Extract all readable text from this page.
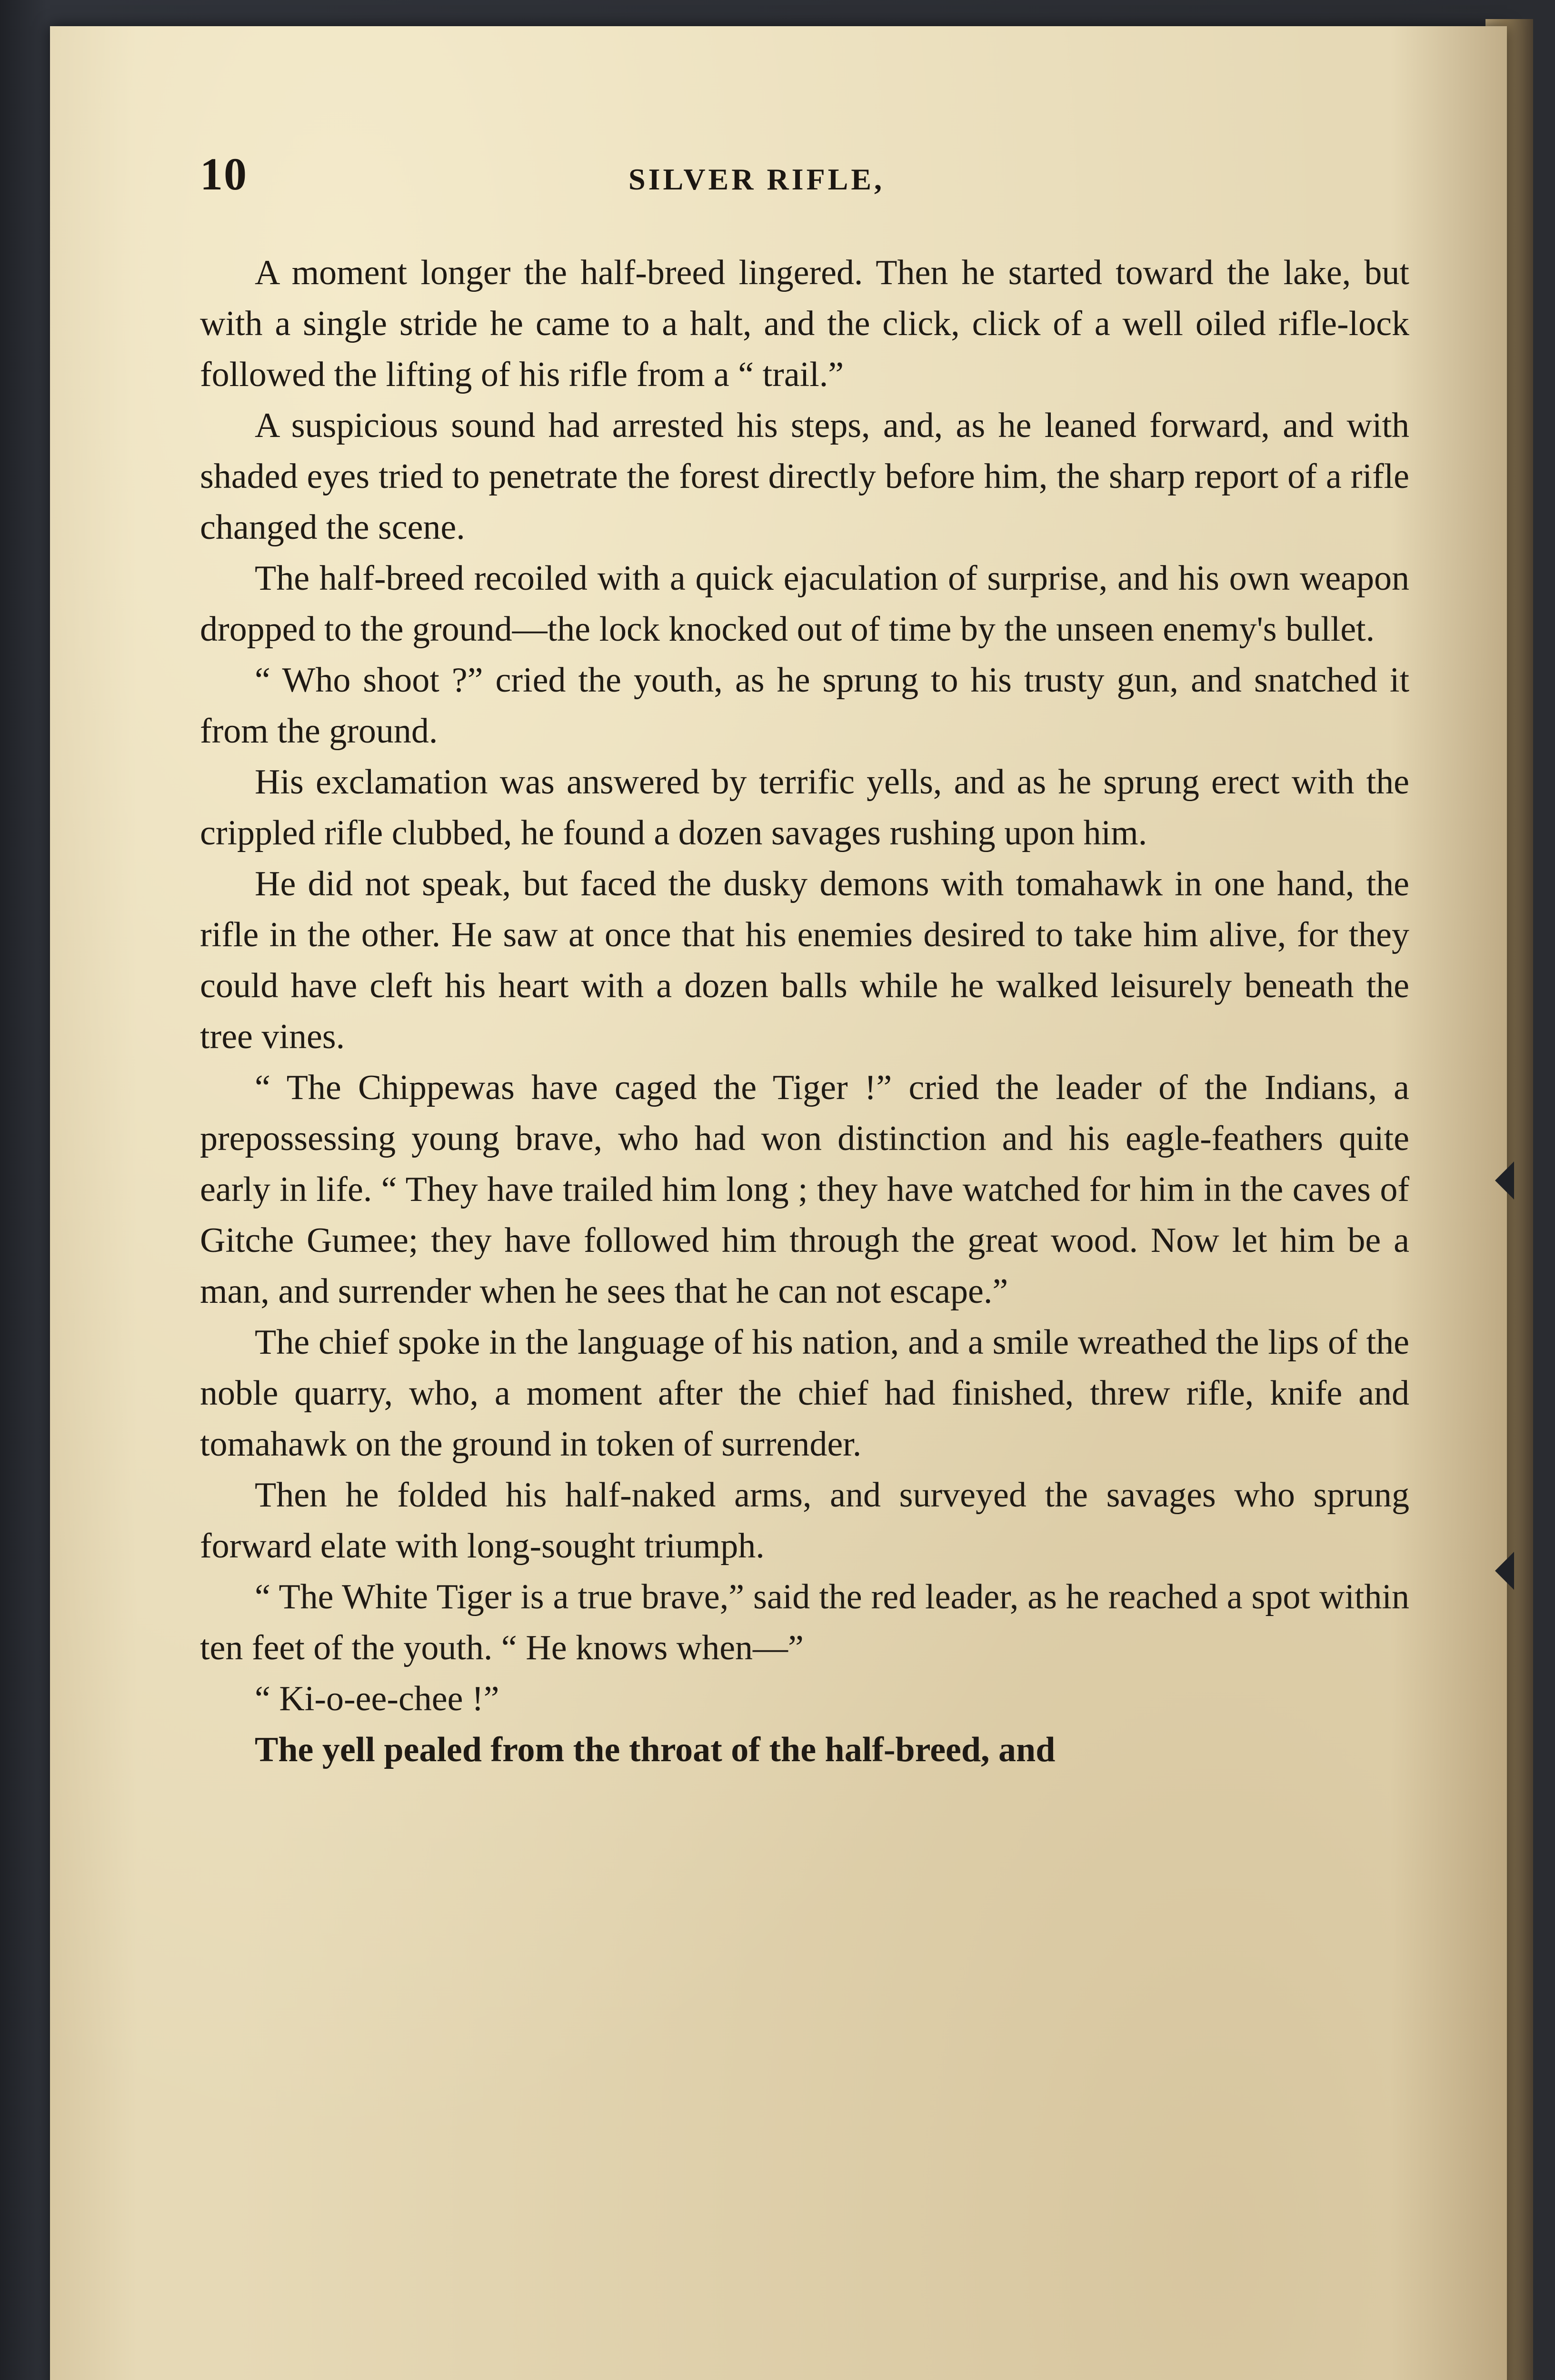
10	SILVER RIFLE,

A moment longer the half-breed lingered. Then he started toward the lake, but with a single stride he came to a halt, and the click, click of a well oiled rifle-lock followed the lifting of his rifle from a “ trail.”

A suspicious sound had arrested his steps, and, as he leaned forward, and with shaded eyes tried to penetrate the forest directly before him, the sharp report of a rifle changed the scene.

The half-breed recoiled with a quick ejaculation of surprise, and his own weapon dropped to the ground—the lock knocked out of time by the unseen enemy's bullet.

“ Who shoot ?” cried the youth, as he sprung to his trusty gun, and snatched it from the ground.

His exclamation was answered by terrific yells, and as he sprung erect with the crippled rifle clubbed, he found a dozen savages rushing upon him.

He did not speak, but faced the dusky demons with tomahawk in one hand, the rifle in the other. He saw at once that his enemies desired to take him alive, for they could have cleft his heart with a dozen balls while he walked leisurely beneath the tree vines.

“ The Chippewas have caged the Tiger !” cried the leader of the Indians, a prepossessing young brave, who had won distinction and his eagle-feathers quite early in life. “ They have trailed him long ; they have watched for him in the caves of Gitche Gumee; they have followed him through the great wood. Now let him be a man, and surrender when he sees that he can not escape.”

The chief spoke in the language of his nation, and a smile wreathed the lips of the noble quarry, who, a moment after the chief had finished, threw rifle, knife and tomahawk on the ground in token of surrender.

Then he folded his half-naked arms, and surveyed the savages who sprung forward elate with long-sought triumph.

“ The White Tiger is a true brave,” said the red leader, as he reached a spot within ten feet of the youth. “ He knows when—”

“ Ki-o-ee-chee !”

The yell pealed from the throat of the half-breed, and
